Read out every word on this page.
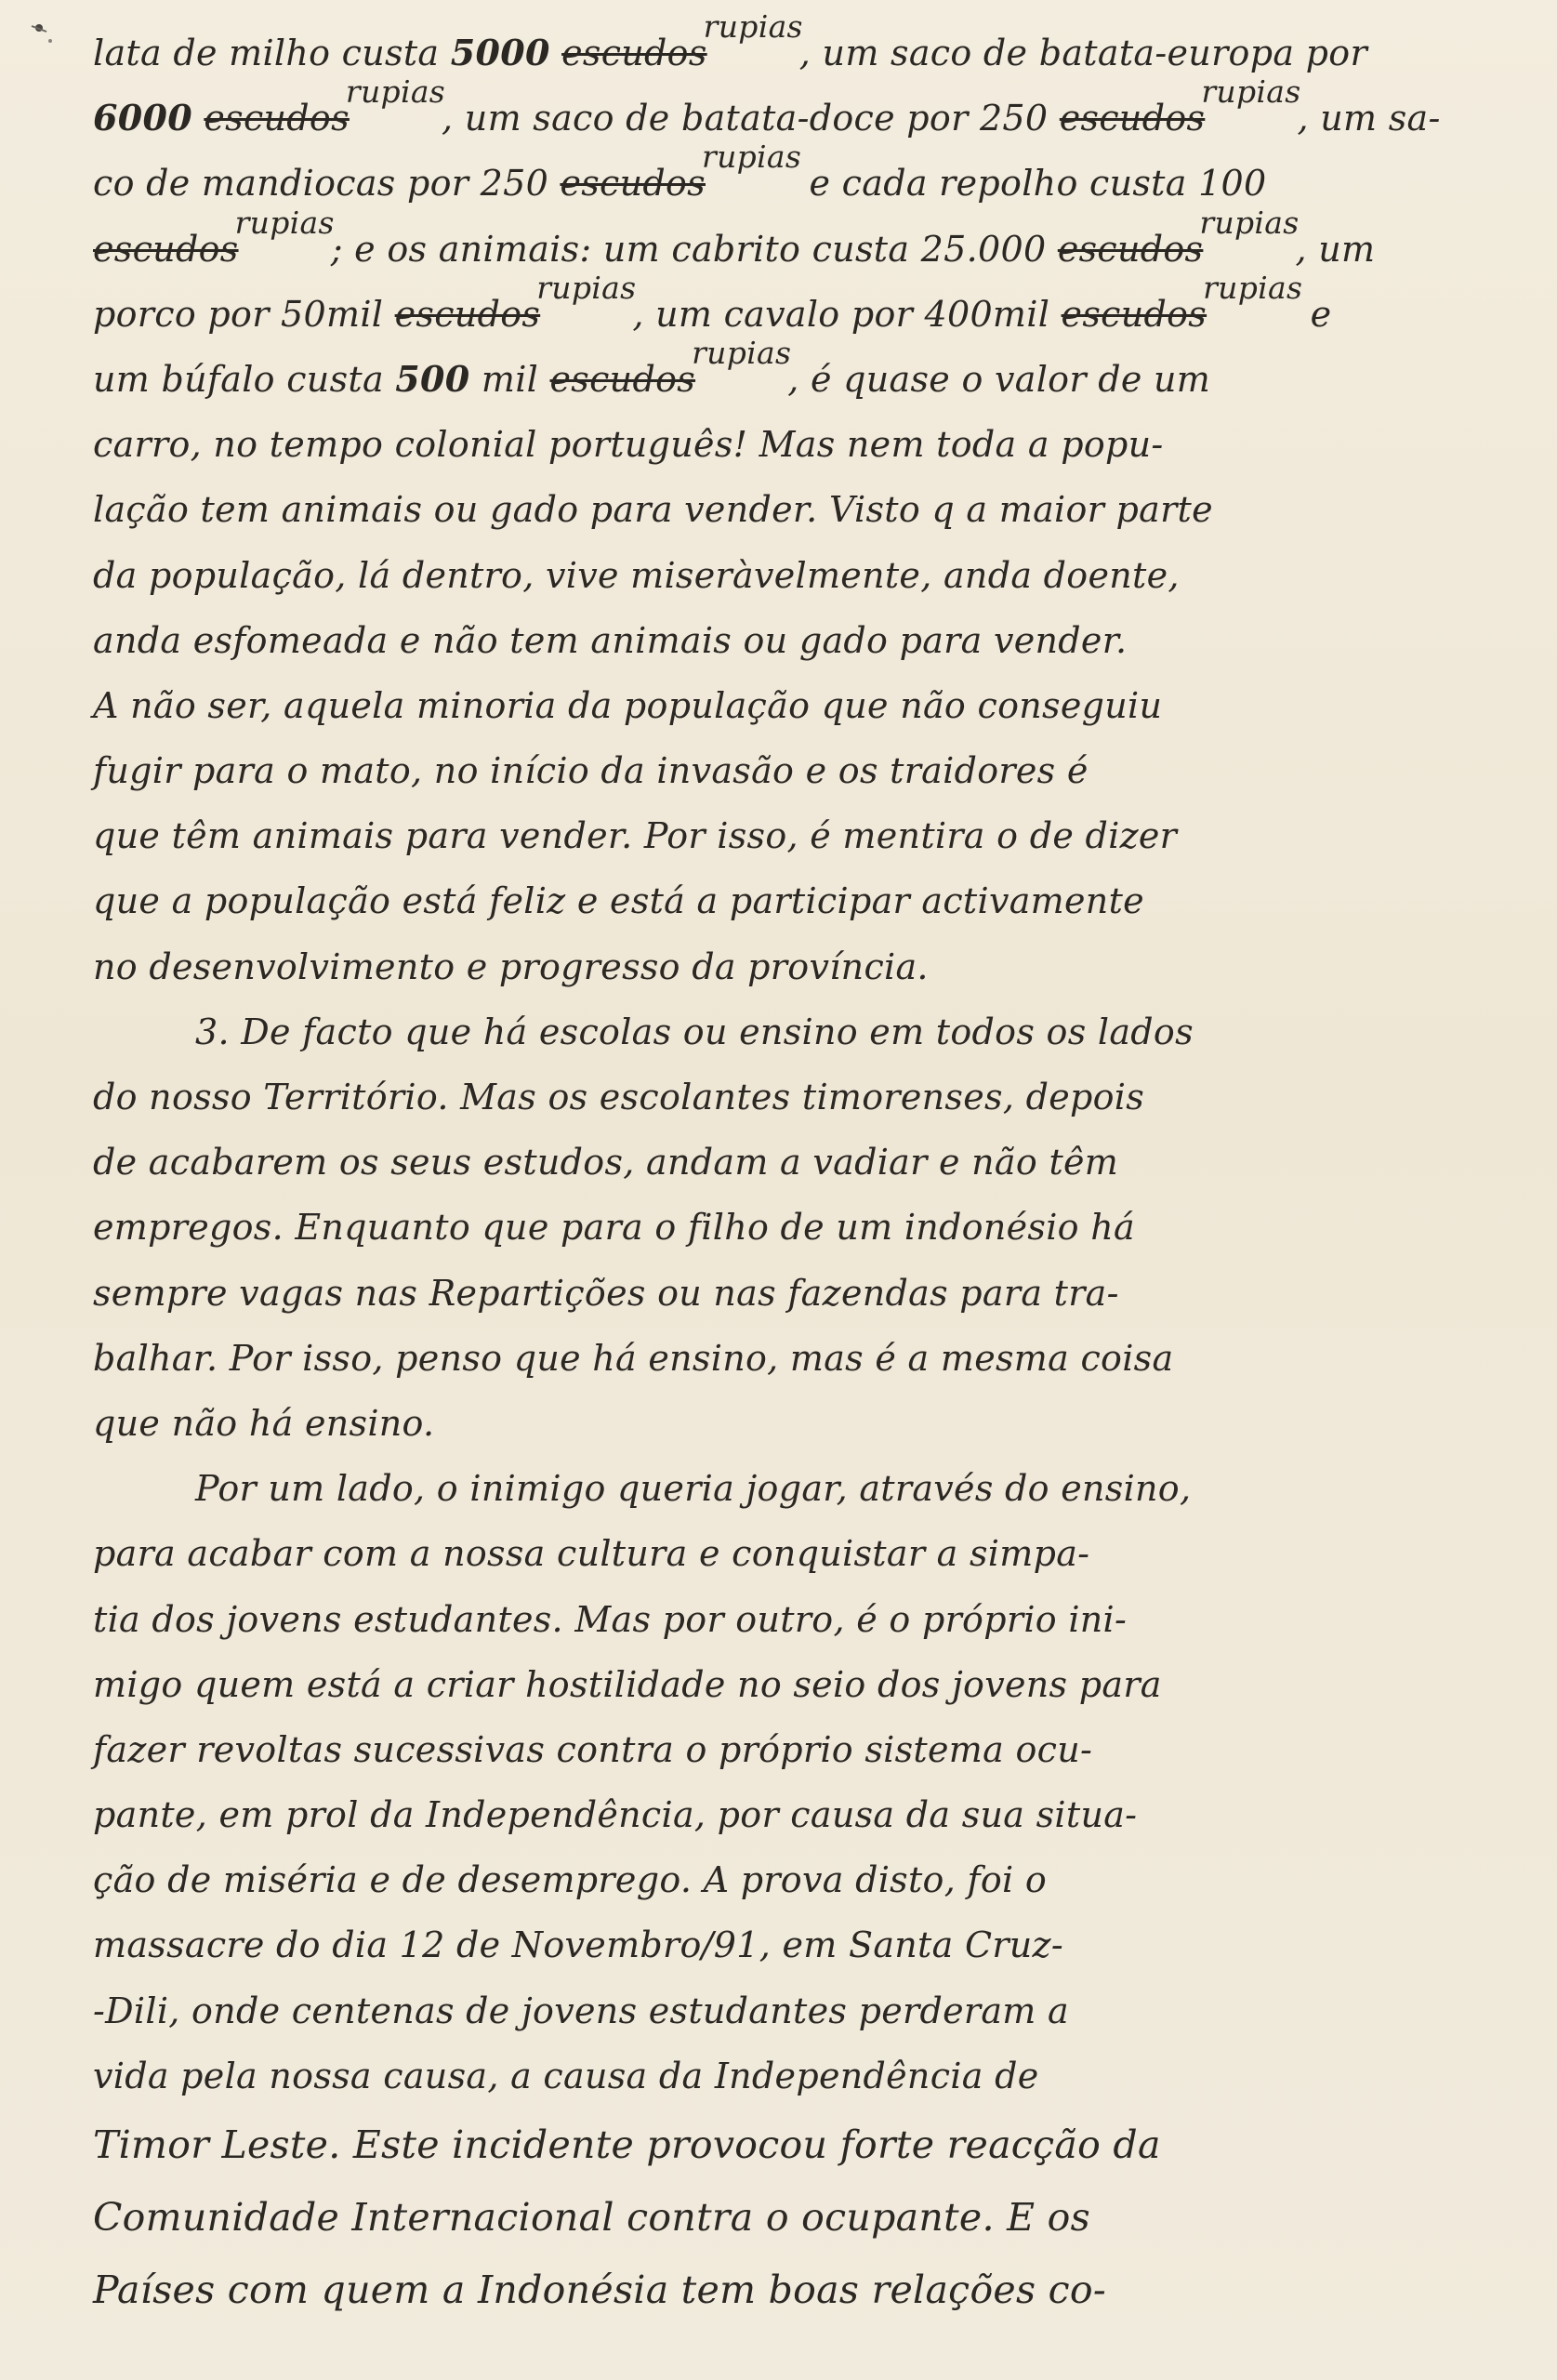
lata de milho custa 5000 escudosrupias, um saco de batata-europa por
6000 escudosrupias, um saco de batata-doce por 250 escudosrupias, um sa-
co de mandiocas por 250 escudosrupias e cada repolho custa 100
escudosrupias; e os animais: um cabrito custa 25.000 escudosrupias, um
porco por 50mil escudosrupias, um cavalo por 400mil escudosrupias e
um búfalo custa 500 mil escudosrupias, é quase o valor de um
carro, no tempo colonial português! Mas nem toda a popu-
lação tem animais ou gado para vender. Visto q a maior parte
da população, lá dentro, vive miseràvelmente, anda doente,
anda esfomeada e não tem animais ou gado para vender.
A não ser, aquela minoria da população que não conseguiu
fugir para o mato, no início da invasão e os traidores é
que têm animais para vender. Por isso, é mentira o de dizer
que a população está feliz e está a participar activamente
no desenvolvimento e progresso da província.
3. De facto que há escolas ou ensino em todos os lados
do nosso Território. Mas os escolantes timorenses, depois
de acabarem os seus estudos, andam a vadiar e não têm
empregos. Enquanto que para o filho de um indonésio há
sempre vagas nas Repartições ou nas fazendas para tra-
balhar. Por isso, penso que há ensino, mas é a mesma coisa
que não há ensino.
Por um lado, o inimigo queria jogar, através do ensino,
para acabar com a nossa cultura e conquistar a simpa-
tia dos jovens estudantes. Mas por outro, é o próprio ini-
migo quem está a criar hostilidade no seio dos jovens para
fazer revoltas sucessivas contra o próprio sistema ocu-
pante, em prol da Independência, por causa da sua situa-
ção de miséria e de desemprego. A prova disto, foi o
massacre do dia 12 de Novembro/91, em Santa Cruz-
-Dili, onde centenas de jovens estudantes perderam a
vida pela nossa causa, a causa da Independência de
Timor Leste. Este incidente provocou forte reacção da
Comunidade Internacional contra o ocupante. E os
Países com quem a Indonésia tem boas relações co-
